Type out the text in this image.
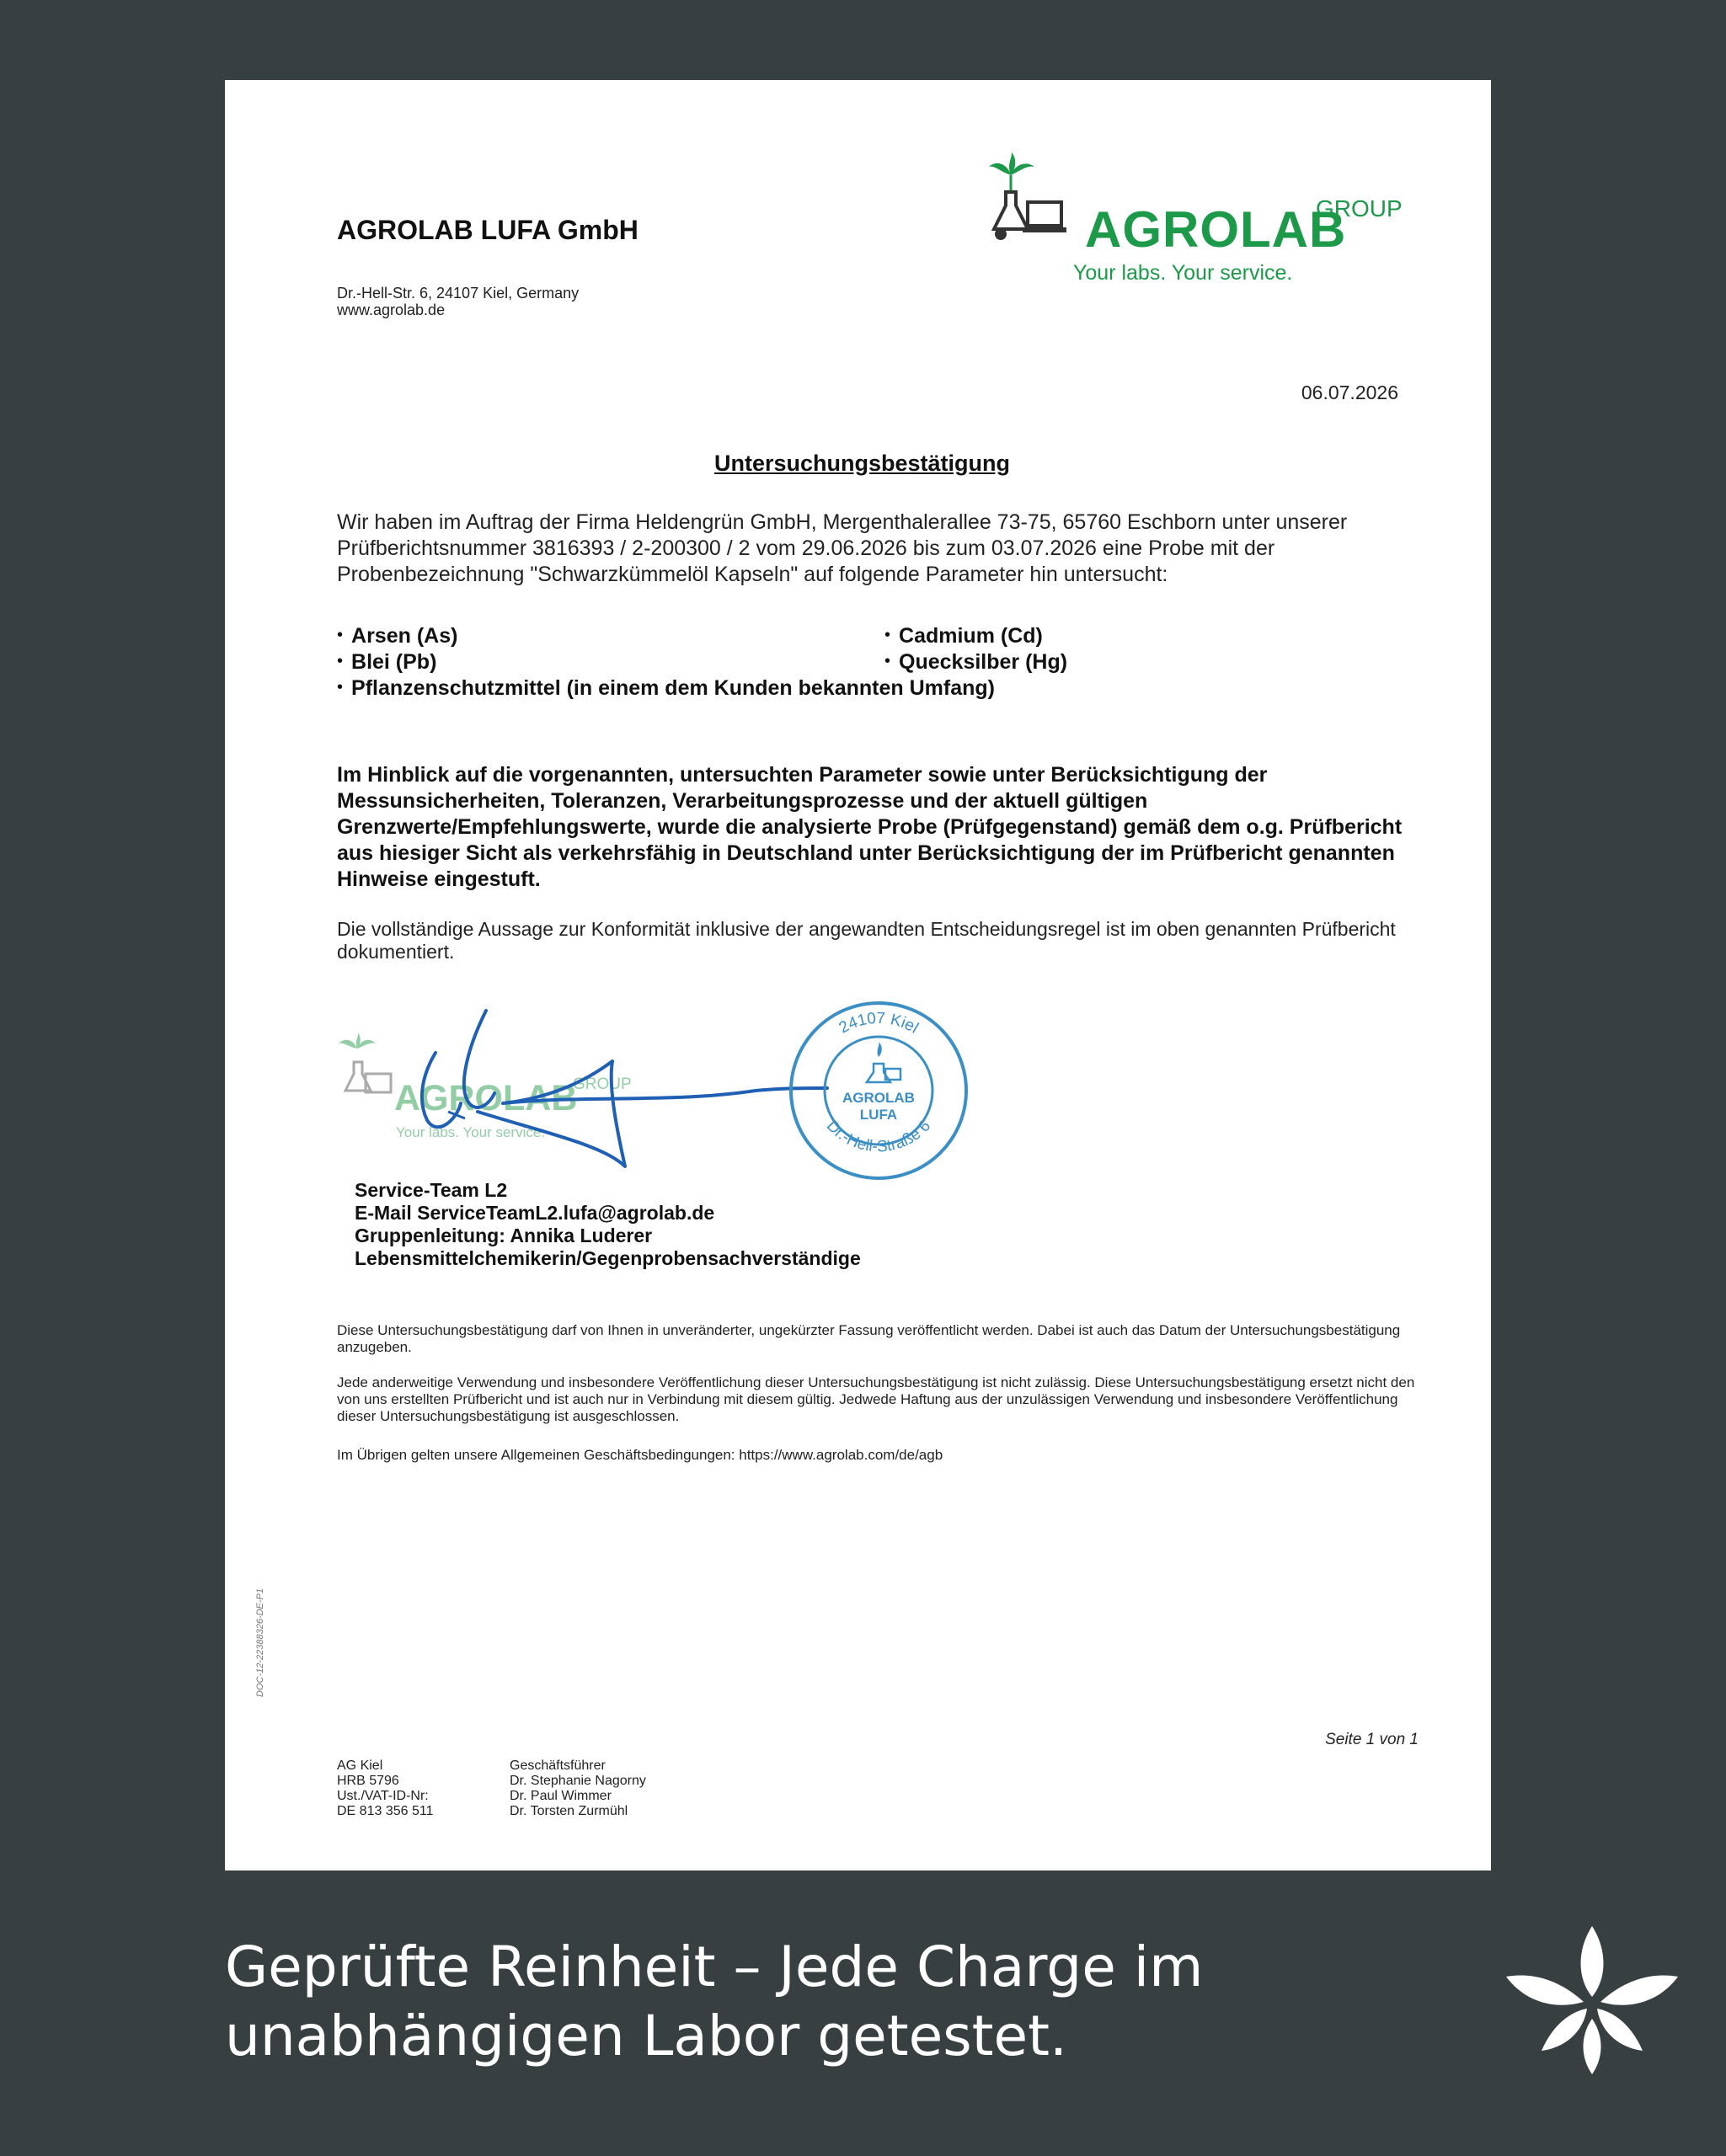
AGROLAB LUFA GmbH
Dr.-Hell-Str. 6, 24107 Kiel, Germany
www.agrolab.de
AGROLAB
GROUP
Your labs. Your service.
06.07.2026
Untersuchungsbestätigung

Wir haben im Auftrag der Firma Heldengrün GmbH, Mergenthalerallee 73-75, 65760 Eschborn unter unserer Prüfberichtsnummer 3816393 / 2-200300 / 2 vom 29.06.2026 bis zum 03.07.2026 eine Probe mit der Probenbezeichnung "Schwarzkümmelöl Kapseln" auf folgende Parameter hin untersucht:

• Arsen (As)	• Cadmium (Cd)
• Blei (Pb)	• Quecksilber (Hg)
• Pflanzenschutzmittel (in einem dem Kunden bekannten Umfang)

Im Hinblick auf die vorgenannten, untersuchten Parameter sowie unter Berücksichtigung der Messunsicherheiten, Toleranzen, Verarbeitungsprozesse und der aktuell gültigen Grenzwerte/Empfehlungswerte, wurde die analysierte Probe (Prüfgegenstand) gemäß dem o.g. Prüfbericht aus hiesiger Sicht als verkehrsfähig in Deutschland unter Berücksichtigung der im Prüfbericht genannten Hinweise eingestuft.

Die vollständige Aussage zur Konformität inklusive der angewandten Entscheidungsregel ist im oben genannten Prüfbericht dokumentiert.

AGROLAB
GROUP
Your labs. Your service.
24107 Kiel
Dr.-Hell-Straße 6
AGROLAB
LUFA
Service-Team L2
E-Mail ServiceTeamL2.lufa@agrolab.de
Gruppenleitung: Annika Luderer
Lebensmittelchemikerin/Gegenprobensachverständige

Diese Untersuchungsbestätigung darf von Ihnen in unveränderter, ungekürzter Fassung veröffentlicht werden. Dabei ist auch das Datum der Untersuchungsbestätigung anzugeben.

Jede anderweitige Verwendung und insbesondere Veröffentlichung dieser Untersuchungsbestätigung ist nicht zulässig. Diese Untersuchungsbestätigung ersetzt nicht den von uns erstellten Prüfbericht und ist auch nur in Verbindung mit diesem gültig. Jedwede Haftung aus der unzulässigen Verwendung und insbesondere Veröffentlichung dieser Untersuchungsbestätigung ist ausgeschlossen.

Im Übrigen gelten unsere Allgemeinen Geschäftsbedingungen: https://www.agrolab.com/de/agb

DOC-12-22388326-DE-P1
Seite 1 von 1
AG Kiel
HRB 5796
Ust./VAT-ID-Nr:
DE 813 356 511
Geschäftsführer
Dr. Stephanie Nagorny
Dr. Paul Wimmer
Dr. Torsten Zurmühl
Geprüfte Reinheit – Jede Charge im
unabhängigen Labor getestet.
